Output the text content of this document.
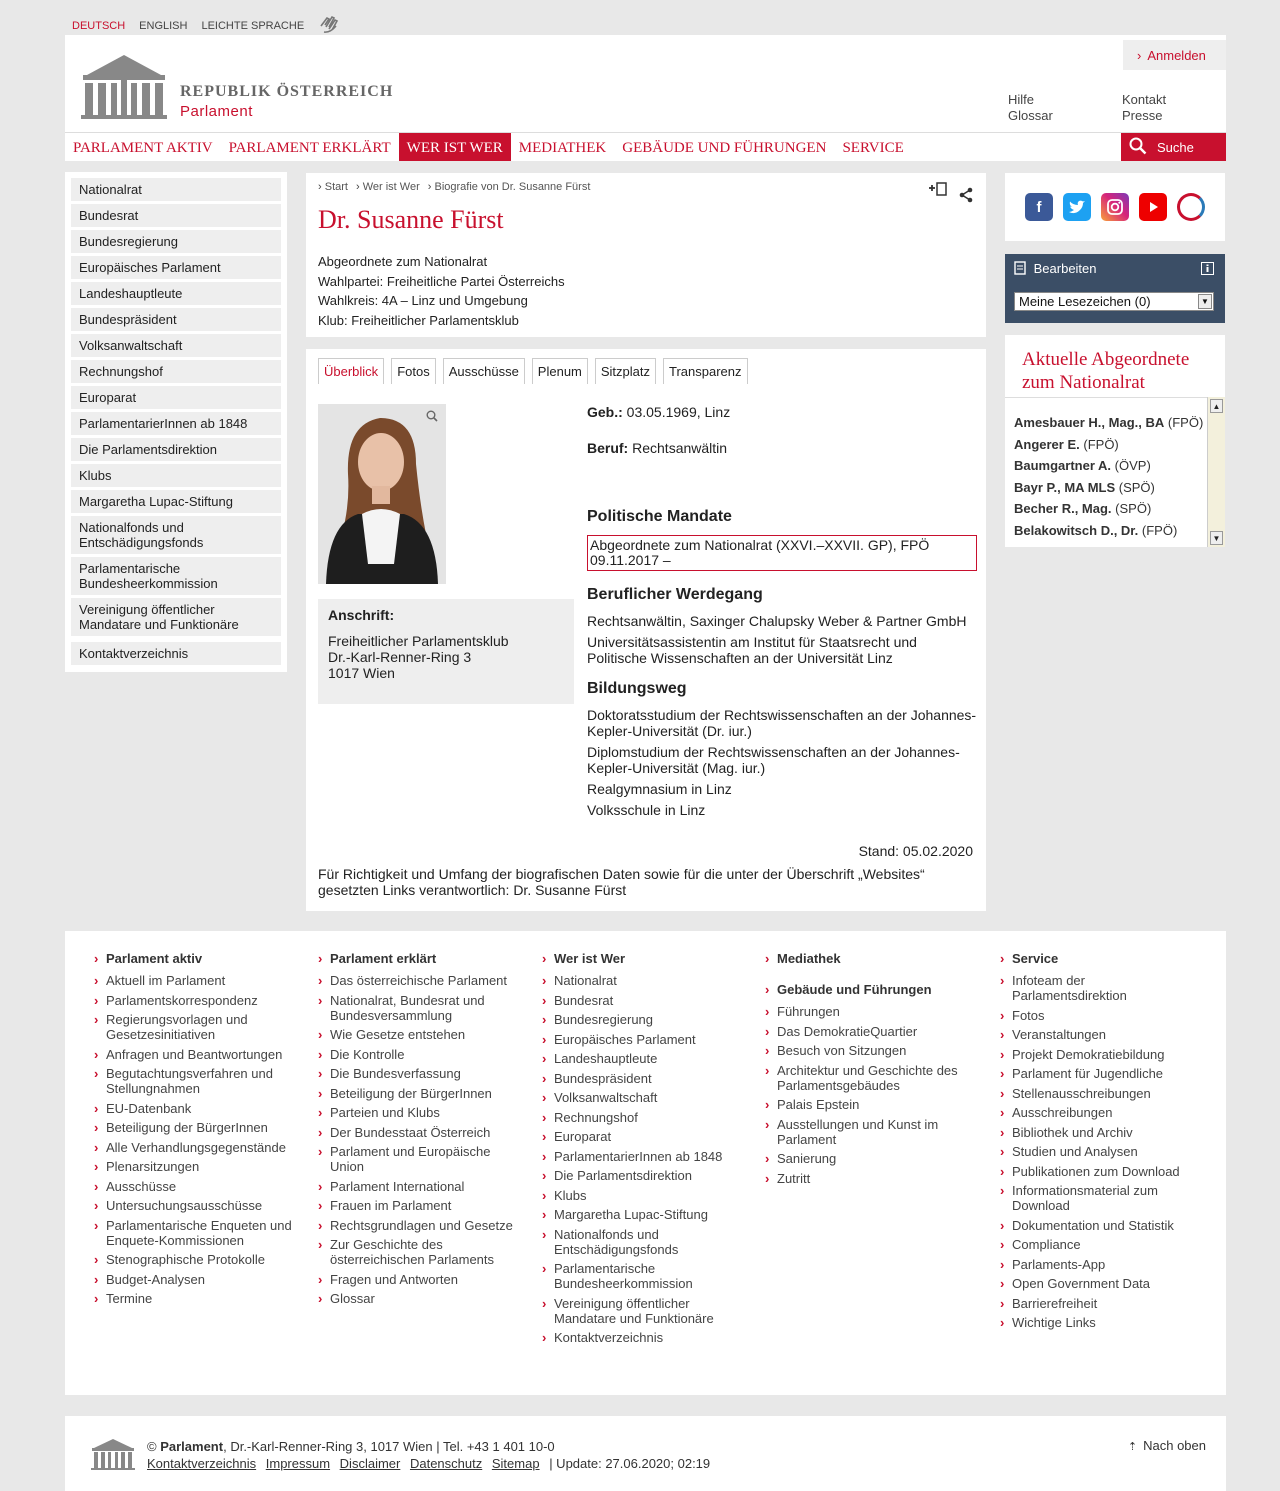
DEUTSCH ENGLISH LEICHTE SPRACHE
REPUBLIK ÖSTERREICH
Parlament
› Anmelden
Hilfe
Glossar
Kontakt
Presse
PARLAMENT AKTIV	PARLAMENT ERKLÄRT	WER IST WER	MEDIATHEK	GEBÄUDE UND FÜHRUNGEN	SERVICE	Suche
Nationalrat
Bundesrat
Bundesregierung
Europäisches Parlament
Landeshauptleute
Bundespräsident
Volksanwaltschaft
Rechnungshof
Europarat
ParlamentarierInnen ab 1848
Die Parlamentsdirektion
Klubs
Margaretha Lupac-Stiftung
Nationalfonds und Entschädigungsfonds
Parlamentarische Bundesheerkommission
Vereinigung öffentlicher Mandatare und Funktionäre
Kontaktverzeichnis
› Start	› Wer ist Wer	› Biografie von Dr. Susanne Fürst
Dr. Susanne Fürst
Abgeordnete zum Nationalrat
Wahlpartei: Freiheitliche Partei Österreichs
Wahlkreis: 4A – Linz und Umgebung
Klub: Freiheitlicher Parlamentsklub
Überblick	Fotos	Ausschüsse	Plenum	Sitzplatz	Transparenz
Anschrift:
Freiheitlicher Parlamentsklub
Dr.-Karl-Renner-Ring 3
1017 Wien
Geb.: 03.05.1969, Linz
Beruf: Rechtsanwältin
Politische Mandate
Abgeordnete zum Nationalrat (XXVI.–XXVII. GP), FPÖ 09.11.2017 –
Beruflicher Werdegang
Rechtsanwältin, Saxinger Chalupsky Weber & Partner GmbH
Universitätsassistentin am Institut für Staatsrecht und Politische Wissenschaften an der Universität Linz
Bildungsweg
Doktoratsstudium der Rechtswissenschaften an der Johannes-Kepler-Universität (Dr. iur.)
Diplomstudium der Rechtswissenschaften an der Johannes-Kepler-Universität (Mag. iur.)
Realgymnasium in Linz
Volksschule in Linz
Stand: 05.02.2020
Für Richtigkeit und Umfang der biografischen Daten sowie für die unter der Überschrift „Websites“ gesetzten Links verantwortlich: Dr. Susanne Fürst
f
Bearbeiten
Meine Lesezeichen (0)	▼
Aktuelle Abgeordnete zum Nationalrat
Amesbauer H., Mag., BA (FPÖ)
Angerer E. (FPÖ)
Baumgartner A. (ÖVP)
Bayr P., MA MLS (SPÖ)
Becher R., Mag. (SPÖ)
Belakowitsch D., Dr. (FPÖ)
▲
▼
› Parlament aktiv
› Aktuell im Parlament
› Parlamentskorrespondenz
› Regierungsvorlagen und Gesetzesinitiativen
› Anfragen und Beantwortungen
› Begutachtungsverfahren und Stellungnahmen
› EU-Datenbank
› Beteiligung der BürgerInnen
› Alle Verhandlungsgegenstände
› Plenarsitzungen
› Ausschüsse
› Untersuchungsausschüsse
› Parlamentarische Enqueten und Enquete-Kommissionen
› Stenographische Protokolle
› Budget-Analysen
› Termine
› Parlament erklärt
› Das österreichische Parlament
› Nationalrat, Bundesrat und Bundesversammlung
› Wie Gesetze entstehen
› Die Kontrolle
› Die Bundesverfassung
› Beteiligung der BürgerInnen
› Parteien und Klubs
› Der Bundesstaat Österreich
› Parlament und Europäische Union
› Parlament International
› Frauen im Parlament
› Rechtsgrundlagen und Gesetze
› Zur Geschichte des österreichischen Parlaments
› Fragen und Antworten
› Glossar
› Wer ist Wer
› Nationalrat
› Bundesrat
› Bundesregierung
› Europäisches Parlament
› Landeshauptleute
› Bundespräsident
› Volksanwaltschaft
› Rechnungshof
› Europarat
› ParlamentarierInnen ab 1848
› Die Parlamentsdirektion
› Klubs
› Margaretha Lupac-Stiftung
› Nationalfonds und Entschädigungsfonds
› Parlamentarische Bundesheerkommission
› Vereinigung öffentlicher Mandatare und Funktionäre
› Kontaktverzeichnis
› Mediathek
› Gebäude und Führungen
› Führungen
› Das DemokratieQuartier
› Besuch von Sitzungen
› Architektur und Geschichte des Parlamentsgebäudes
› Palais Epstein
› Ausstellungen und Kunst im Parlament
› Sanierung
› Zutritt
› Service
› Infoteam der Parlamentsdirektion
› Fotos
› Veranstaltungen
› Projekt Demokratiebildung
› Parlament für Jugendliche
› Stellenausschreibungen
› Ausschreibungen
› Bibliothek und Archiv
› Studien und Analysen
› Publikationen zum Download
› Informationsmaterial zum Download
› Dokumentation und Statistik
› Compliance
› Parlaments-App
› Open Government Data
› Barrierefreiheit
› Wichtige Links
© Parlament, Dr.-Karl-Renner-Ring 3, 1017 Wien | Tel. +43 1 401 10-0
Kontaktverzeichnis Impressum Disclaimer Datenschutz Sitemap | Update: 27.06.2020; 02:19
⇡ Nach oben
